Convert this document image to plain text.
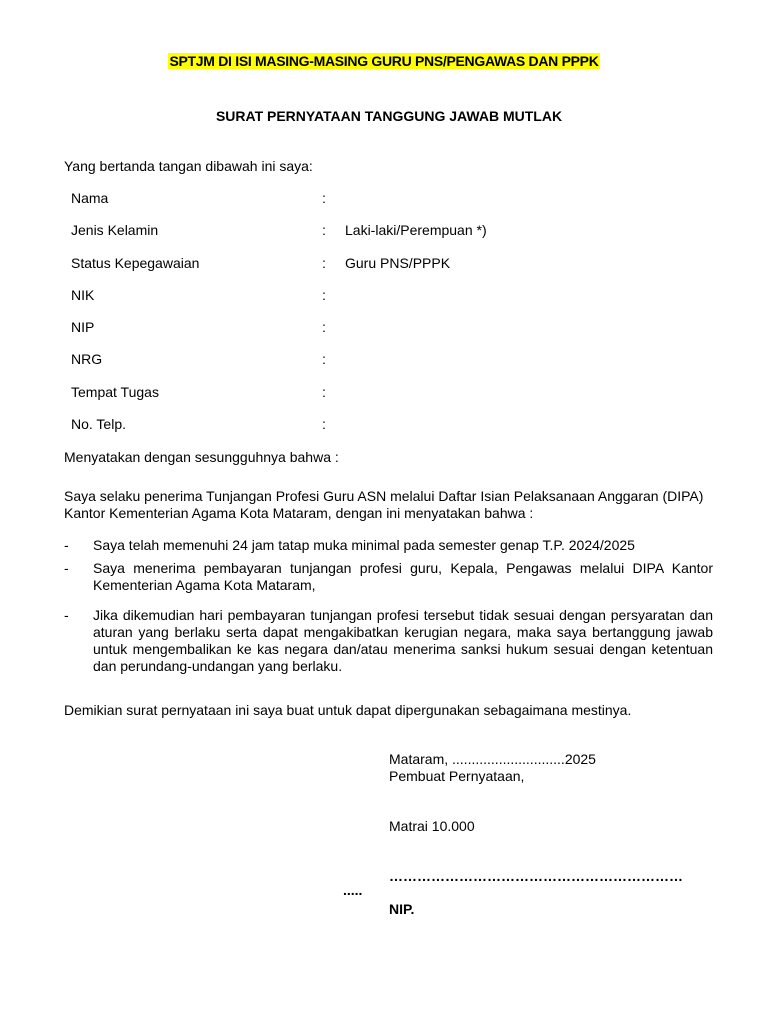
SPTJM DI ISI MASING-MASING GURU PNS/PENGAWAS DAN PPPK
SURAT PERNYATAAN TANGGUNG JAWAB MUTLAK
Yang bertanda tangan dibawah ini saya:
Nama	:
Jenis Kelamin	: Laki-laki/Perempuan *)
Status Kepegawaian	: Guru PNS/PPPK
NIK	:
NIP	:
NRG	:
Tempat Tugas	:
No. Telp.	:
Menyatakan dengan sesungguhnya bahwa :
Saya selaku penerima Tunjangan Profesi Guru ASN melalui Daftar Isian Pelaksanaan Anggaran (DIPA) Kantor Kementerian Agama Kota Mataram, dengan ini menyatakan bahwa :
- Saya telah memenuhi 24 jam tatap muka minimal pada semester genap T.P. 2024/2025
- Saya menerima pembayaran tunjangan profesi guru, Kepala, Pengawas melalui DIPA Kantor Kementerian Agama Kota Mataram,
- Jika dikemudian hari pembayaran tunjangan profesi tersebut tidak sesuai dengan persyaratan dan aturan yang berlaku serta dapat mengakibatkan kerugian negara, maka saya bertanggung jawab untuk mengembalikan ke kas negara dan/atau menerima sanksi hukum sesuai dengan ketentuan dan perundang-undangan yang berlaku.
Demikian surat pernyataan ini saya buat untuk dapat dipergunakan sebagaimana mestinya.
Mataram, .............................2025
Pembuat Pernyataan,
Matrai 10.000
………………………………………………………
.....
NIP.
